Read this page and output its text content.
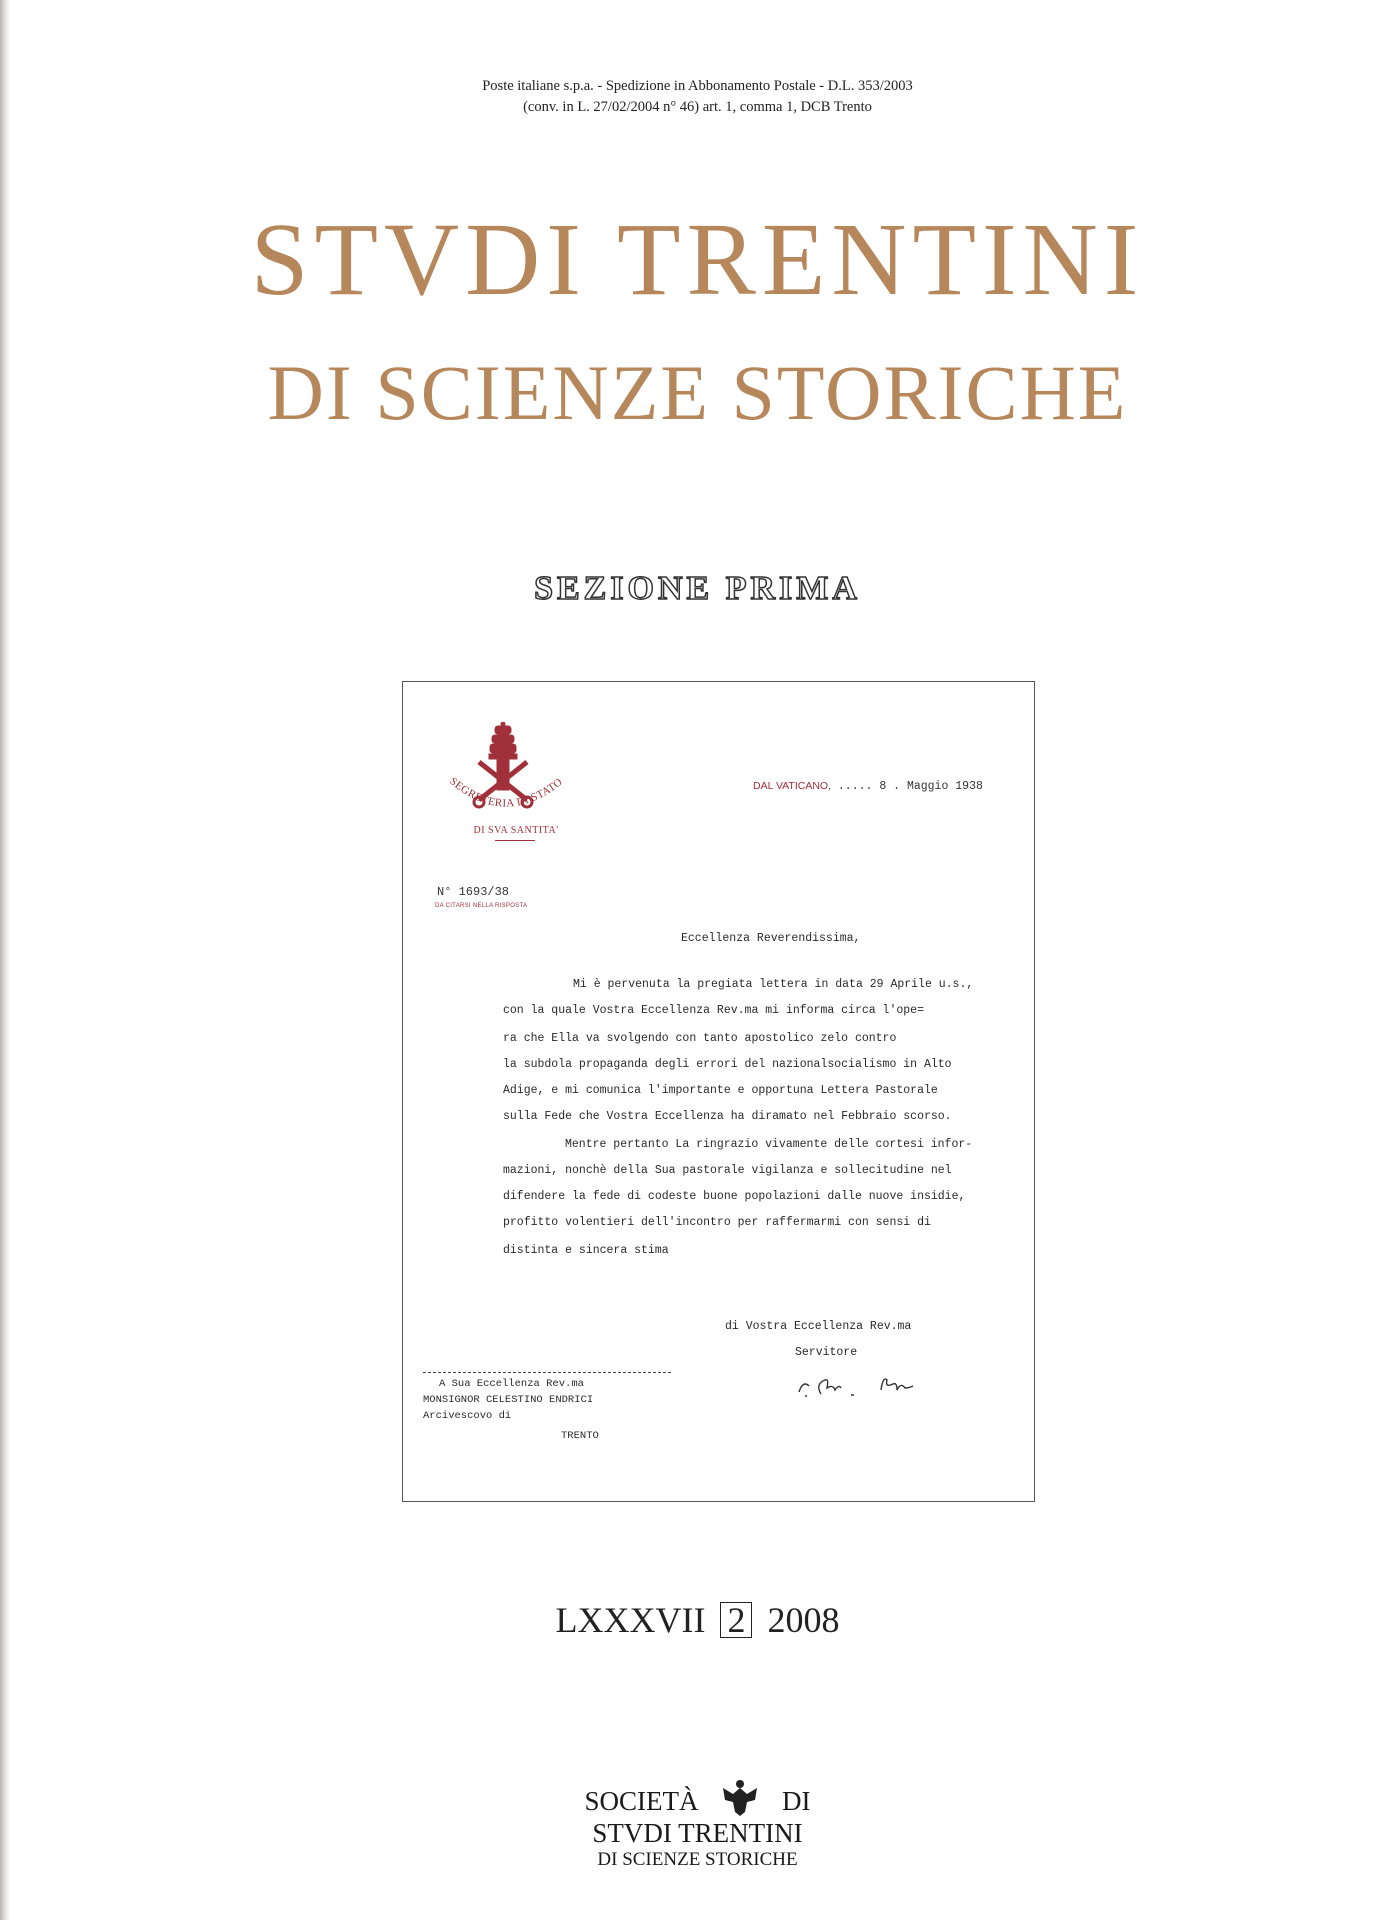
Poste italiane s.p.a. - Spedizione in Abbonamento Postale - D.L. 353/2003
(conv. in L. 27/02/2004 n° 46) art. 1, comma 1, DCB Trento
STVDI TRENTINI
DI SCIENZE STORICHE
SEZIONE PRIMA
SEGRETERIA DI STATO
DI SVA SANTITA'
DAL VATICANO, ..... 8 . Maggio 1938
N° 1693/38
DA CITARSI NELLA RISPOSTA
Eccellenza Reverendissima,
Mi è pervenuta la pregiata lettera in data 29 Aprile u.s.,
con la quale Vostra Eccellenza Rev.ma mi informa circa l'ope=
ra che Ella va svolgendo con tanto apostolico zelo contro
la subdola propaganda degli errori del nazionalsocialismo in Alto
Adige, e mi comunica l'importante e opportuna Lettera Pastorale
sulla Fede che Vostra Eccellenza ha diramato nel Febbraio scorso.
Mentre pertanto La ringrazio vivamente delle cortesi infor-
mazioni, nonchè della Sua pastorale vigilanza e sollecitudine nel
difendere la fede di codeste buone popolazioni dalle nuove insidie,
profitto volentieri dell'incontro per raffermarmi con sensi di
distinta e sincera stima
di Vostra Eccellenza Rev.ma
Servitore
A Sua Eccellenza Rev.ma
MONSIGNOR CELESTINO ENDRICI
Arcivescovo di
TRENTO
LXXXVII 2 2008
SOCIETÀ	DI
STVDI TRENTINI
DI SCIENZE STORICHE
